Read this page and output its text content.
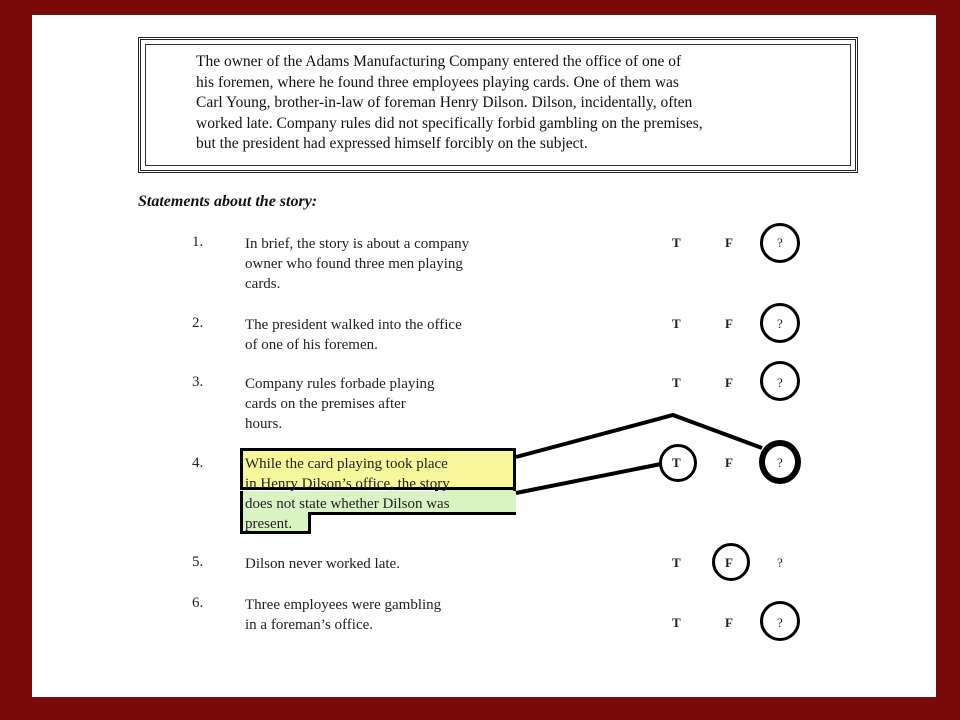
The owner of the Adams Manufacturing Company entered the office of one of
his foremen, where he found three employees playing cards. One of them was
Carl Young, brother-in-law of foreman Henry Dilson. Dilson, incidentally, often
worked late. Company rules did not specifically forbid gambling on the premises,
but the president had expressed himself forcibly on the subject.

Statements about the story:
1.	In brief, the story is about a company
owner who found three men playing
cards.
T	F	?
2.	The president walked into the office
of one of his foremen.
T	F	?
3.	Company rules forbade playing
cards on the premises after
hours.
T	F	?
4.	While the card playing took place
in Henry Dilson’s office, the story
does not state whether Dilson was
present.
T	F	?
5.	Dilson never worked late.	T	F	?
6.	Three employees were gambling
in a foreman’s office.	T	F	?
